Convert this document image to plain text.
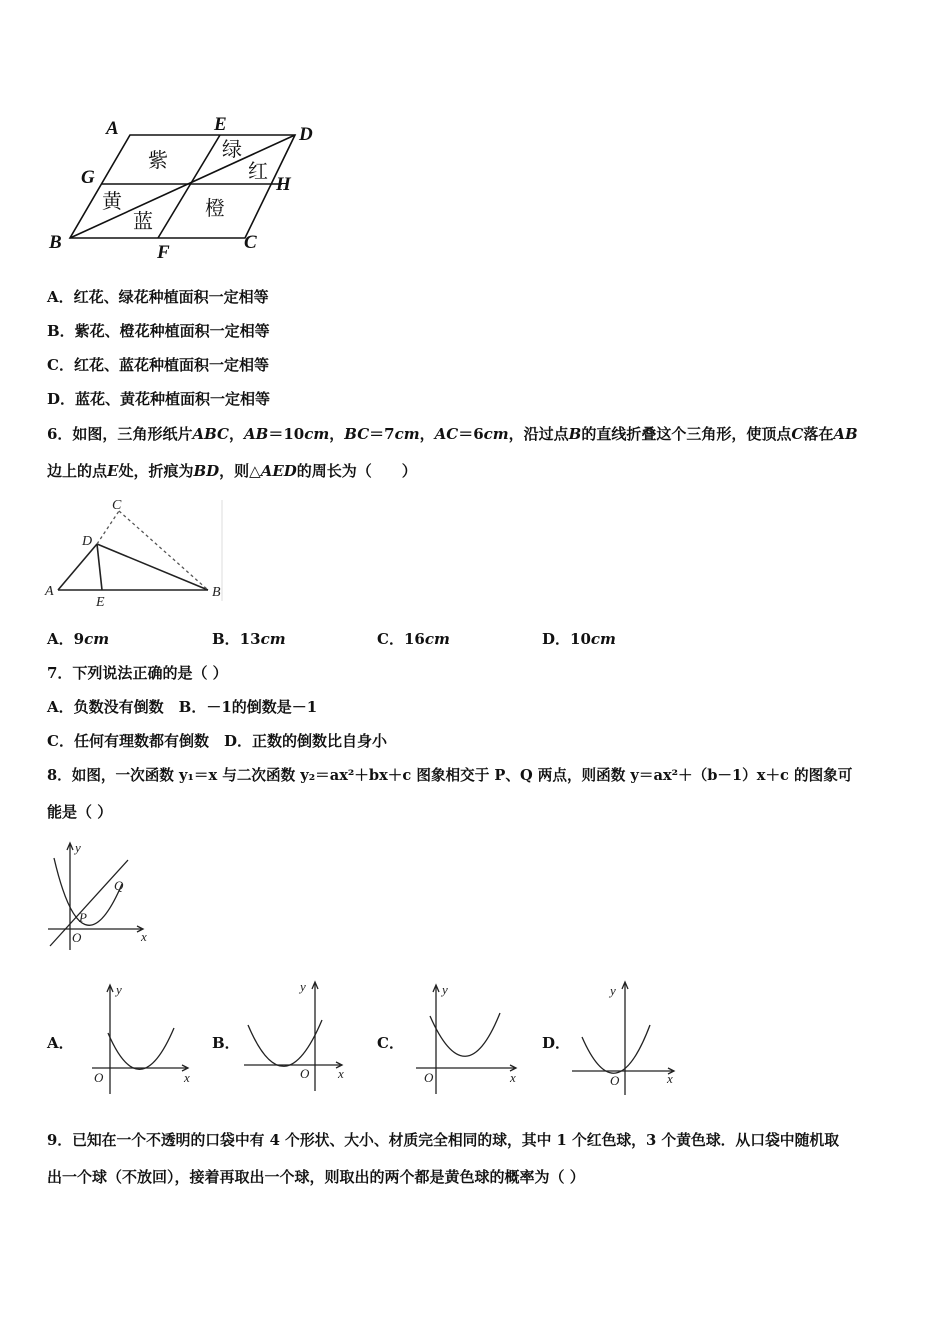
A	E	D
G	H
B	F	C
紫	绿
红
黄
蓝
橙
A．红花、绿花种植面积一定相等
B．紫花、橙花种植面积一定相等
C．红花、蓝花种植面积一定相等
D．蓝花、黄花种植面积一定相等
6．如图，三角形纸片ABC，AB＝10cm，BC＝7cm，AC＝6cm，沿过点B的直线折叠这个三角形，使顶点C落在AB
边上的点E处，折痕为BD，则△AED的周长为（　　）
C
D
A
E
B
A．9cm	B．13cm	C．16cm	D．10cm
7．下列说法正确的是（ ）
A．负数没有倒数　B．－1的倒数是－1
C．任何有理数都有倒数　D．正数的倒数比自身小
8．如图，一次函数 y₁＝x 与二次函数 y₂＝ax²＋bx＋c 图象相交于 P、Q 两点，则函数 y＝ax²＋（b－1）x＋c 的图象可
能是（ ）
y
Q
P
O	x
A．	B．	C．	D．
y
O	x
y
O x
y
O	x
y
O	x
9．已知在一个不透明的口袋中有 4 个形状、大小、材质完全相同的球，其中 1 个红色球，3 个黄色球．从口袋中随机取
出一个球（不放回），接着再取出一个球，则取出的两个都是黄色球的概率为（ ）
